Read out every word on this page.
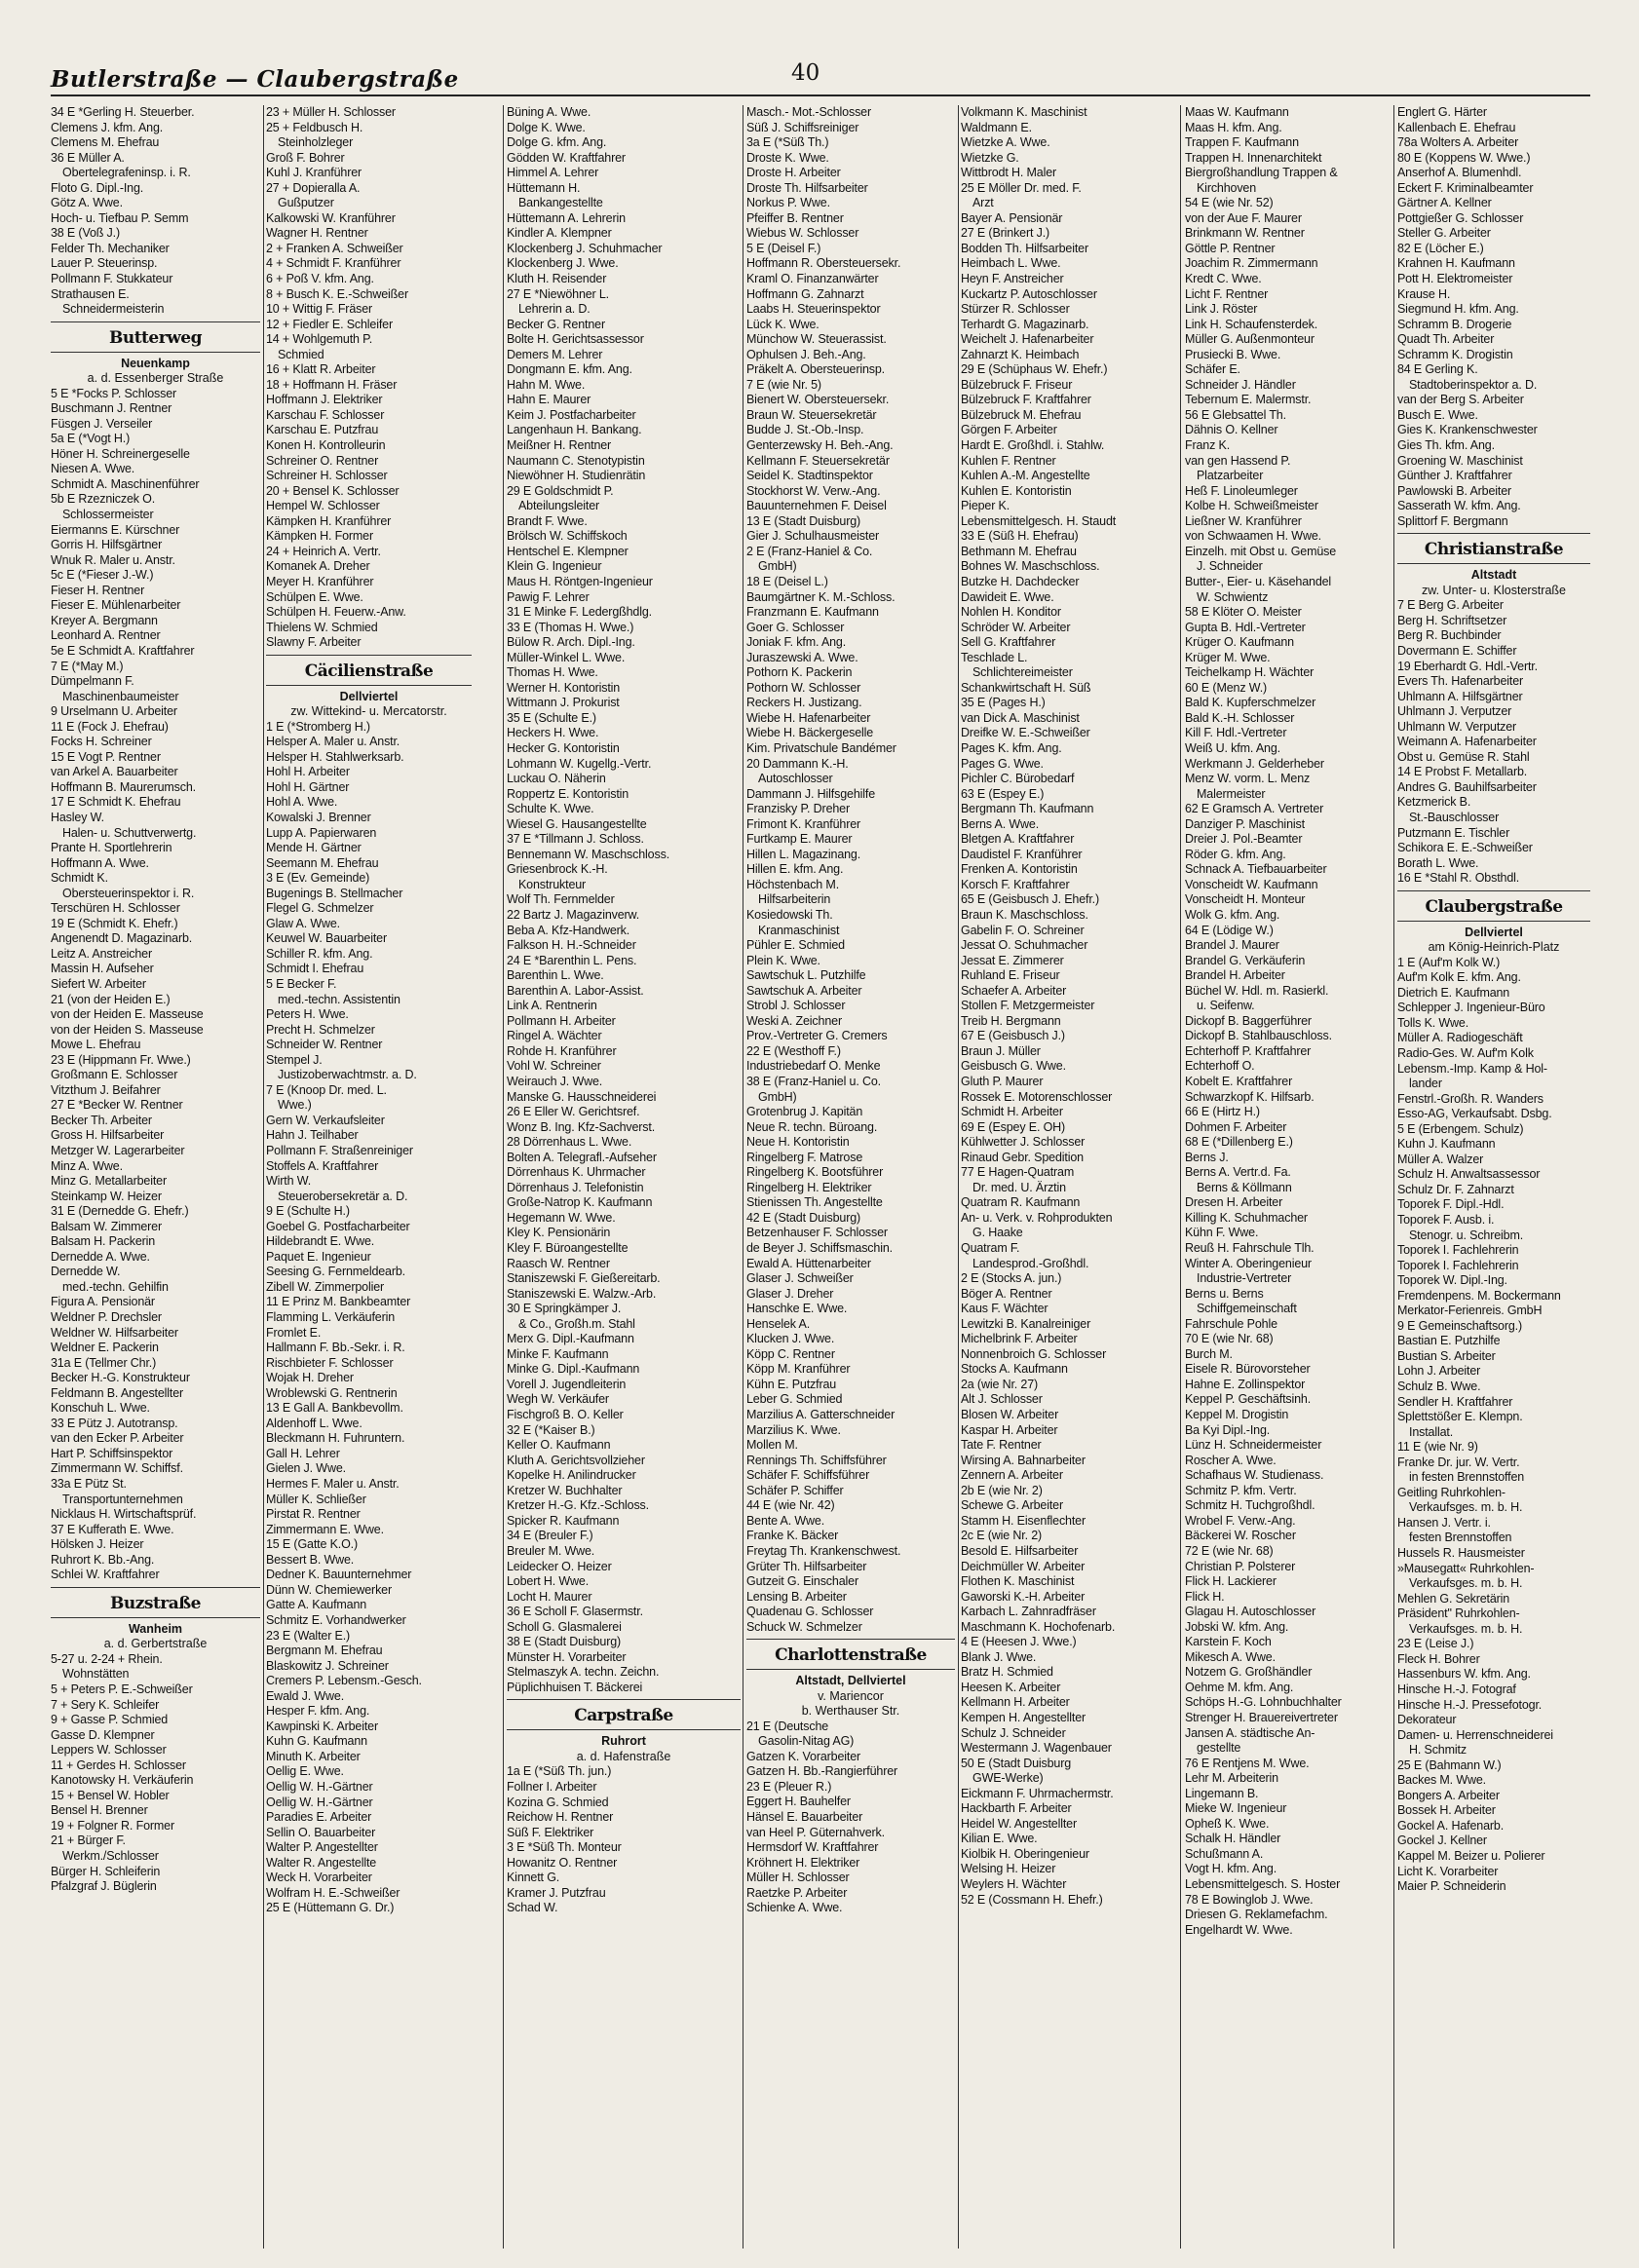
Butlerstraße — Claubergstraße	40
34 E *Gerling H. Steuerber.
Clemens J. kfm. Ang.
Clemens M. Ehefrau
36 E Müller A.
Obertelegrafeninsp. i. R.
Floto G. Dipl.-Ing.
Götz A. Wwe.
Hoch- u. Tiefbau P. Semm
38 E (Voß J.)
Felder Th. Mechaniker
Lauer P. Steuerinsp.
Pollmann F. Stukkateur
Strathausen E.
Schneidermeisterin
Butterweg
Neuenkamp
a. d. Essenberger Straße
5 E *Focks P. Schlosser
Buschmann J. Rentner
Füsgen J. Verseiler
5a E (*Vogt H.)
Höner H. Schreinergeselle
Niesen A. Wwe.
Schmidt A. Maschinenführer
5b E Rzezniczek O.
Schlossermeister
Eiermanns E. Kürschner
Gorris H. Hilfsgärtner
Wnuk R. Maler u. Anstr.
5c E (*Fieser J.-W.)
Fieser H. Rentner
Fieser E. Mühlenarbeiter
Kreyer A. Bergmann
Leonhard A. Rentner
5e E Schmidt A. Kraftfahrer
7 E (*May M.)
Dümpelmann F.
Maschinenbaumeister
9 Urselmann U. Arbeiter
11 E (Fock J. Ehefrau)
Focks H. Schreiner
15 E Vogt P. Rentner
van Arkel A. Bauarbeiter
Hoffmann B. Maurerumsch.
17 E Schmidt K. Ehefrau
Hasley W.
Halen- u. Schuttverwertg.
Prante H. Sportlehrerin
Hoffmann A. Wwe.
Schmidt K.
Obersteuerinspektor i. R.
Terschüren H. Schlosser
19 E (Schmidt K. Ehefr.)
Angenendt D. Magazinarb.
Leitz A. Anstreicher
Massin H. Aufseher
Siefert W. Arbeiter
21 (von der Heiden E.)
von der Heiden E. Masseuse
von der Heiden S. Masseuse
Mowe L. Ehefrau
23 E (Hippmann Fr. Wwe.)
Großmann E. Schlosser
Vitzthum J. Beifahrer
27 E *Becker W. Rentner
Becker Th. Arbeiter
Gross H. Hilfsarbeiter
Metzger W. Lagerarbeiter
Minz A. Wwe.
Minz G. Metallarbeiter
Steinkamp W. Heizer
31 E (Dernedde G. Ehefr.)
Balsam W. Zimmerer
Balsam H. Packerin
Dernedde A. Wwe.
Dernedde W.
med.-techn. Gehilfin
Figura A. Pensionär
Weldner P. Drechsler
Weldner W. Hilfsarbeiter
Weldner E. Packerin
31a E (Tellmer Chr.)
Becker H.-G. Konstrukteur
Feldmann B. Angestellter
Konschuh L. Wwe.
33 E Pütz J. Autotransp.
van den Ecker P. Arbeiter
Hart P. Schiffsinspektor
Zimmermann W. Schiffsf.
33a E Pütz St.
Transportunternehmen
Nicklaus H. Wirtschaftsprüf.
37 E Kufferath E. Wwe.
Hölsken J. Heizer
Ruhrort K. Bb.-Ang.
Schlei W. Kraftfahrer
Buzstraße
Wanheim
a. d. Gerbertstraße
5-27 u. 2-24 + Rhein.
Wohnstätten
5 + Peters P. E.-Schweißer
7 + Sery K. Schleifer
9 + Gasse P. Schmied
Gasse D. Klempner
Leppers W. Schlosser
11 + Gerdes H. Schlosser
Kanotowsky H. Verkäuferin
15 + Bensel W. Hobler
Bensel H. Brenner
19 + Folgner R. Former
21 + Bürger F.
Werkm./Schlosser
Bürger H. Schleiferin
Pfalzgraf J. Büglerin
23 + Müller H. Schlosser
25 + Feldbusch H.
Steinholzleger
Groß F. Bohrer
Kuhl J. Kranführer
27 + Dopieralla A.
Gußputzer
Kalkowski W. Kranführer
Wagner H. Rentner
2 + Franken A. Schweißer
4 + Schmidt F. Kranführer
6 + Poß V. kfm. Ang.
8 + Busch K. E.-Schweißer
10 + Wittig F. Fräser
12 + Fiedler E. Schleifer
14 + Wohlgemuth P.
Schmied
16 + Klatt R. Arbeiter
18 + Hoffmann H. Fräser
Hoffmann J. Elektriker
Karschau F. Schlosser
Karschau E. Putzfrau
Konen H. Kontrolleurin
Schreiner O. Rentner
Schreiner H. Schlosser
20 + Bensel K. Schlosser
Hempel W. Schlosser
Kämpken H. Kranführer
Kämpken H. Former
24 + Heinrich A. Vertr.
Komanek A. Dreher
Meyer H. Kranführer
Schülpen E. Wwe.
Schülpen H. Feuerw.-Anw.
Thielens W. Schmied
Slawny F. Arbeiter
Cäcilienstraße
Dellviertel
zw. Wittekind- u. Mercatorstr.
1 E (*Stromberg H.)
Helsper A. Maler u. Anstr.
Helsper H. Stahlwerksarb.
Hohl H. Arbeiter
Hohl H. Gärtner
Hohl A. Wwe.
Kowalski J. Brenner
Lupp A. Papierwaren
Mende H. Gärtner
Seemann M. Ehefrau
3 E (Ev. Gemeinde)
Bugenings B. Stellmacher
Flegel G. Schmelzer
Glaw A. Wwe.
Keuwel W. Bauarbeiter
Schiller R. kfm. Ang.
Schmidt I. Ehefrau
5 E Becker F.
med.-techn. Assistentin
Peters H. Wwe.
Precht H. Schmelzer
Schneider W. Rentner
Stempel J.
Justizoberwachtmstr. a. D.
7 E (Knoop Dr. med. L.
Wwe.)
Gern W. Verkaufsleiter
Hahn J. Teilhaber
Pollmann F. Straßenreiniger
Stoffels A. Kraftfahrer
Wirth W.
Steuerobersekretär a. D.
9 E (Schulte H.)
Goebel G. Postfacharbeiter
Hildebrandt E. Wwe.
Paquet E. Ingenieur
Seesing G. Fernmeldearb.
Zibell W. Zimmerpolier
11 E Prinz M. Bankbeamter
Flamming L. Verkäuferin
Fromlet E.
Hallmann F. Bb.-Sekr. i. R.
Rischbieter F. Schlosser
Wojak H. Dreher
Wroblewski G. Rentnerin
13 E Gall A. Bankbevollm.
Aldenhoff L. Wwe.
Bleckmann H. Fuhruntern.
Gall H. Lehrer
Gielen J. Wwe.
Hermes F. Maler u. Anstr.
Müller K. Schließer
Pirstat R. Rentner
Zimmermann E. Wwe.
15 E (Gatte K.O.)
Bessert B. Wwe.
Dedner K. Bauunternehmer
Dünn W. Chemiewerker
Gatte A. Kaufmann
Schmitz E. Vorhandwerker
23 E (Walter E.)
Bergmann M. Ehefrau
Blaskowitz J. Schreiner
Cremers P. Lebensm.-Gesch.
Ewald J. Wwe.
Hesper F. kfm. Ang.
Kawpinski K. Arbeiter
Kuhn G. Kaufmann
Minuth K. Arbeiter
Oellig E. Wwe.
Oellig W. H.-Gärtner
Oellig W. H.-Gärtner
Paradies E. Arbeiter
Sellin O. Bauarbeiter
Walter P. Angestellter
Walter R. Angestellte
Weck H. Vorarbeiter
Wolfram H. E.-Schweißer
25 E (Hüttemann G. Dr.)
Büning A. Wwe.
Dolge K. Wwe.
Dolge G. kfm. Ang.
Gödden W. Kraftfahrer
Himmel A. Lehrer
Hüttemann H.
Bankangestellte
Hüttemann A. Lehrerin
Kindler A. Klempner
Klockenberg J. Schuhmacher
Klockenberg J. Wwe.
Kluth H. Reisender
27 E *Niewöhner L.
Lehrerin a. D.
Becker G. Rentner
Bolte H. Gerichtsassessor
Demers M. Lehrer
Dongmann E. kfm. Ang.
Hahn M. Wwe.
Hahn E. Maurer
Keim J. Postfacharbeiter
Langenhaun H. Bankang.
Meißner H. Rentner
Naumann C. Stenotypistin
Niewöhner H. Studienrätin
29 E Goldschmidt P.
Abteilungsleiter
Brandt F. Wwe.
Brölsch W. Schiffskoch
Hentschel E. Klempner
Klein G. Ingenieur
Maus H. Röntgen-Ingenieur
Pawig F. Lehrer
31 E Minke F. Ledergßhdlg.
33 E (Thomas H. Wwe.)
Bülow R. Arch. Dipl.-Ing.
Müller-Winkel L. Wwe.
Thomas H. Wwe.
Werner H. Kontoristin
Wittmann J. Prokurist
35 E (Schulte E.)
Heckers H. Wwe.
Hecker G. Kontoristin
Lohmann W. Kugellg.-Vertr.
Luckau O. Näherin
Roppertz E. Kontoristin
Schulte K. Wwe.
Wiesel G. Hausangestellte
37 E *Tillmann J. Schloss.
Bennemann W. Maschschloss.
Griesenbrock K.-H.
Konstrukteur
Wolf Th. Fernmelder
22 Bartz J. Magazinverw.
Beba A. Kfz-Handwerk.
Falkson H. H.-Schneider
24 E *Barenthin L. Pens.
Barenthin L. Wwe.
Barenthin A. Labor-Assist.
Link A. Rentnerin
Pollmann H. Arbeiter
Ringel A. Wächter
Rohde H. Kranführer
Vohl W. Schreiner
Weirauch J. Wwe.
Manske G. Hausschneiderei
26 E Eller W. Gerichtsref.
Wonz B. Ing. Kfz-Sachverst.
28 Dörrenhaus L. Wwe.
Bolten A. Telegrafl.-Aufseher
Dörrenhaus K. Uhrmacher
Dörrenhaus J. Telefonistin
Große-Natrop K. Kaufmann
Hegemann W. Wwe.
Kley K. Pensionärin
Kley F. Büroangestellte
Raasch W. Rentner
Staniszewski F. Gießereitarb.
Staniszewski E. Walzw.-Arb.
30 E Springkämper J.
& Co., Großh.m. Stahl
Merx G. Dipl.-Kaufmann
Minke F. Kaufmann
Minke G. Dipl.-Kaufmann
Vorell J. Jugendleiterin
Wegh W. Verkäufer
Fischgroß B. O. Keller
32 E (*Kaiser B.)
Keller O. Kaufmann
Kluth A. Gerichtsvollzieher
Kopelke H. Anilindrucker
Kretzer W. Buchhalter
Kretzer H.-G. Kfz.-Schloss.
Spicker R. Kaufmann
34 E (Breuler F.)
Breuler M. Wwe.
Leidecker O. Heizer
Lobert H. Wwe.
Locht H. Maurer
36 E Scholl F. Glasermstr.
Scholl G. Glasmalerei
38 E (Stadt Duisburg)
Münster H. Vorarbeiter
Stelmaszyk A. techn. Zeichn.
Püplichhuisen T. Bäckerei
Carpstraße
Ruhrort
a. d. Hafenstraße
1a E (*Süß Th. jun.)
Follner I. Arbeiter
Kozina G. Schmied
Reichow H. Rentner
Süß F. Elektriker
3 E *Süß Th. Monteur
Howanitz O. Rentner
Kinnett G.
Kramer J. Putzfrau
Schad W.
Masch.- Mot.-Schlosser
Süß J. Schiffsreiniger
3a E (*Süß Th.)
Droste K. Wwe.
Droste H. Arbeiter
Droste Th. Hilfsarbeiter
Norkus P. Wwe.
Pfeiffer B. Rentner
Wiebus W. Schlosser
5 E (Deisel F.)
Hoffmann R. Obersteuersekr.
Kraml O. Finanzanwärter
Hoffmann G. Zahnarzt
Laabs H. Steuerinspektor
Lück K. Wwe.
Münchow W. Steuerassist.
Ophulsen J. Beh.-Ang.
Präkelt A. Obersteuerinsp.
7 E (wie Nr. 5)
Bienert W. Obersteuersekr.
Braun W. Steuersekretär
Budde J. St.-Ob.-Insp.
Genterzewsky H. Beh.-Ang.
Kellmann F. Steuersekretär
Seidel K. Stadtinspektor
Stockhorst W. Verw.-Ang.
Bauunternehmen F. Deisel
13 E (Stadt Duisburg)
Gier J. Schulhausmeister
2 E (Franz-Haniel & Co.
GmbH)
18 E (Deisel L.)
Baumgärtner K. M.-Schloss.
Franzmann E. Kaufmann
Goer G. Schlosser
Joniak F. kfm. Ang.
Juraszewski A. Wwe.
Pothorn K. Packerin
Pothorn W. Schlosser
Reckers H. Justizang.
Wiebe H. Hafenarbeiter
Wiebe H. Bäckergeselle
Kim. Privatschule Bandémer
20 Dammann K.-H.
Autoschlosser
Dammann J. Hilfsgehilfe
Franzisky P. Dreher
Frimont K. Kranführer
Furtkamp E. Maurer
Hillen L. Magazinang.
Hillen E. kfm. Ang.
Höchstenbach M.
Hilfsarbeiterin
Kosiedowski Th.
Kranmaschinist
Pühler E. Schmied
Plein K. Wwe.
Sawtschuk L. Putzhilfe
Sawtschuk A. Arbeiter
Strobl J. Schlosser
Weski A. Zeichner
Prov.-Vertreter G. Cremers
22 E (Westhoff F.)
Industriebedarf O. Menke
38 E (Franz-Haniel u. Co.
GmbH)
Grotenbrug J. Kapitän
Neue R. techn. Büroang.
Neue H. Kontoristin
Ringelberg F. Matrose
Ringelberg K. Bootsführer
Ringelberg H. Elektriker
Stienissen Th. Angestellte
42 E (Stadt Duisburg)
Betzenhauser F. Schlosser
de Beyer J. Schiffsmaschin.
Ewald A. Hüttenarbeiter
Glaser J. Schweißer
Glaser J. Dreher
Hanschke E. Wwe.
Henselek A.
Klucken J. Wwe.
Köpp C. Rentner
Köpp M. Kranführer
Kühn E. Putzfrau
Leber G. Schmied
Marzilius A. Gatterschneider
Marzilius K. Wwe.
Mollen M.
Rennings Th. Schiffsführer
Schäfer F. Schiffsführer
Schäfer P. Schiffer
44 E (wie Nr. 42)
Bente A. Wwe.
Franke K. Bäcker
Freytag Th. Krankenschwest.
Grüter Th. Hilfsarbeiter
Gutzeit G. Einschaler
Lensing B. Arbeiter
Quadenau G. Schlosser
Schuck W. Schmelzer
Charlottenstraße
Altstadt, Dellviertel
v. Mariencor
b. Werthauser Str.
21 E (Deutsche
Gasolin-Nitag AG)
Gatzen K. Vorarbeiter
Gatzen H. Bb.-Rangierführer
23 E (Pleuer R.)
Eggert H. Bauhelfer
Hänsel E. Bauarbeiter
van Heel P. Güternahverk.
Hermsdorf W. Kraftfahrer
Kröhnert H. Elektriker
Müller H. Schlosser
Raetzke P. Arbeiter
Schienke A. Wwe.
Volkmann K. Maschinist
Waldmann E.
Wietzke A. Wwe.
Wietzke G.
Wittbrodt H. Maler
25 E Möller Dr. med. F.
Arzt
Bayer A. Pensionär
27 E (Brinkert J.)
Bodden Th. Hilfsarbeiter
Heimbach L. Wwe.
Heyn F. Anstreicher
Kuckartz P. Autoschlosser
Stürzer R. Schlosser
Terhardt G. Magazinarb.
Weichelt J. Hafenarbeiter
Zahnarzt K. Heimbach
29 E (Schüphaus W. Ehefr.)
Bülzebruck F. Friseur
Bülzebruck F. Kraftfahrer
Bülzebruck M. Ehefrau
Görgen F. Arbeiter
Hardt E. Großhdl. i. Stahlw.
Kuhlen F. Rentner
Kuhlen A.-M. Angestellte
Kuhlen E. Kontoristin
Pieper K.
Lebensmittelgesch. H. Staudt
33 E (Süß H. Ehefrau)
Bethmann M. Ehefrau
Bohnes W. Maschschloss.
Butzke H. Dachdecker
Dawideit E. Wwe.
Nohlen H. Konditor
Schröder W. Arbeiter
Sell G. Kraftfahrer
Teschlade L.
Schlichtereimeister
Schankwirtschaft H. Süß
35 E (Pages H.)
van Dick A. Maschinist
Dreifke W. E.-Schweißer
Pages K. kfm. Ang.
Pages G. Wwe.
Pichler C. Bürobedarf
63 E (Espey E.)
Bergmann Th. Kaufmann
Berns A. Wwe.
Bletgen A. Kraftfahrer
Daudistel F. Kranführer
Frenken A. Kontoristin
Korsch F. Kraftfahrer
65 E (Geisbusch J. Ehefr.)
Braun K. Maschschloss.
Gabelin F. O. Schreiner
Jessat O. Schuhmacher
Jessat E. Zimmerer
Ruhland E. Friseur
Schaefer A. Arbeiter
Stollen F. Metzgermeister
Treib H. Bergmann
67 E (Geisbusch J.)
Braun J. Müller
Geisbusch G. Wwe.
Gluth P. Maurer
Rossek E. Motorenschlosser
Schmidt H. Arbeiter
69 E (Espey E. OH)
Kühlwetter J. Schlosser
Rinaud Gebr. Spedition
77 E Hagen-Quatram
Dr. med. U. Ärztin
Quatram R. Kaufmann
An- u. Verk. v. Rohprodukten
G. Haake
Quatram F.
Landesprod.-Großhdl.
2 E (Stocks A. jun.)
Böger A. Rentner
Kaus F. Wächter
Lewitzki B. Kanalreiniger
Michelbrink F. Arbeiter
Nonnenbroich G. Schlosser
Stocks A. Kaufmann
2a (wie Nr. 27)
Alt J. Schlosser
Blosen W. Arbeiter
Kaspar H. Arbeiter
Tate F. Rentner
Wirsing A. Bahnarbeiter
Zennern A. Arbeiter
2b E (wie Nr. 2)
Schewe G. Arbeiter
Stamm H. Eisenflechter
2c E (wie Nr. 2)
Besold E. Hilfsarbeiter
Deichmüller W. Arbeiter
Flothen K. Maschinist
Gaworski K.-H. Arbeiter
Karbach L. Zahnradfräser
Maschmann K. Hochofenarb.
4 E (Heesen J. Wwe.)
Blank J. Wwe.
Bratz H. Schmied
Heesen K. Arbeiter
Kellmann H. Arbeiter
Kempen H. Angestellter
Schulz J. Schneider
Westermann J. Wagenbauer
50 E (Stadt Duisburg
GWE-Werke)
Eickmann F. Uhrmachermstr.
Hackbarth F. Arbeiter
Heidel W. Angestellter
Kilian E. Wwe.
Kiolbik H. Oberingenieur
Welsing H. Heizer
Weylers H. Wächter
52 E (Cossmann H. Ehefr.)
Maas W. Kaufmann
Maas H. kfm. Ang.
Trappen F. Kaufmann
Trappen H. Innenarchitekt
Biergroßhandlung Trappen &
Kirchhoven
54 E (wie Nr. 52)
von der Aue F. Maurer
Brinkmann W. Rentner
Göttle P. Rentner
Joachim R. Zimmermann
Kredt C. Wwe.
Licht F. Rentner
Link J. Röster
Link H. Schaufensterdek.
Müller G. Außenmonteur
Prusiecki B. Wwe.
Schäfer E.
Schneider J. Händler
Tebernum E. Malermstr.
56 E Glebsattel Th.
Dähnis O. Kellner
Franz K.
van gen Hassend P.
Platzarbeiter
Heß F. Linoleumleger
Kolbe H. Schweißmeister
Ließner W. Kranführer
von Schwaamen H. Wwe.
Einzelh. mit Obst u. Gemüse
J. Schneider
Butter-, Eier- u. Käsehandel
W. Schwientz
58 E Klöter O. Meister
Gupta B. Hdl.-Vertreter
Krüger O. Kaufmann
Krüger M. Wwe.
Teichelkamp H. Wächter
60 E (Menz W.)
Bald K. Kupferschmelzer
Bald K.-H. Schlosser
Kill F. Hdl.-Vertreter
Weiß U. kfm. Ang.
Werkmann J. Gelderheber
Menz W. vorm. L. Menz
Malermeister
62 E Gramsch A. Vertreter
Danziger P. Maschinist
Dreier J. Pol.-Beamter
Röder G. kfm. Ang.
Schnack A. Tiefbauarbeiter
Vonscheidt W. Kaufmann
Vonscheidt H. Monteur
Wolk G. kfm. Ang.
64 E (Lödige W.)
Brandel J. Maurer
Brandel G. Verkäuferin
Brandel H. Arbeiter
Büchel W. Hdl. m. Rasierkl.
u. Seifenw.
Dickopf B. Baggerführer
Dickopf B. Stahlbauschloss.
Echterhoff P. Kraftfahrer
Echterhoff O.
Kobelt E. Kraftfahrer
Schwarzkopf K. Hilfsarb.
66 E (Hirtz H.)
Dohmen F. Arbeiter
68 E (*Dillenberg E.)
Berns J.
Berns A. Vertr.d. Fa.
Berns & Köllmann
Dresen H. Arbeiter
Killing K. Schuhmacher
Kühn F. Wwe.
Reuß H. Fahrschule Tlh.
Winter A. Oberingenieur
Industrie-Vertreter
Berns u. Berns
Schiffgemeinschaft
Fahrschule Pohle
70 E (wie Nr. 68)
Burch M.
Eisele R. Bürovorsteher
Hahne E. Zollinspektor
Keppel P. Geschäftsinh.
Keppel M. Drogistin
Ba Kyi Dipl.-Ing.
Lünz H. Schneidermeister
Roscher A. Wwe.
Schafhaus W. Studienass.
Schmitz P. kfm. Vertr.
Schmitz H. Tuchgroßhdl.
Wrobel F. Verw.-Ang.
Bäckerei W. Roscher
72 E (wie Nr. 68)
Christian P. Polsterer
Flick H. Lackierer
Flick H.
Glagau H. Autoschlosser
Jobski W. kfm. Ang.
Karstein F. Koch
Mikesch A. Wwe.
Notzem G. Großhändler
Oehme M. kfm. Ang.
Schöps H.-G. Lohnbuchhalter
Strenger H. Brauereivertreter
Jansen A. städtische An-
gestellte
76 E Rentjens M. Wwe.
Lehr M. Arbeiterin
Lingemann B.
Mieke W. Ingenieur
Opheß K. Wwe.
Schalk H. Händler
Schußmann A.
Vogt H. kfm. Ang.
Lebensmittelgesch. S. Hoster
78 E Bowinglob J. Wwe.
Driesen G. Reklamefachm.
Engelhardt W. Wwe.
Englert G. Härter
Kallenbach E. Ehefrau
78a Wolters A. Arbeiter
80 E (Koppens W. Wwe.)
Anserhof A. Blumenhdl.
Eckert F. Kriminalbeamter
Gärtner A. Kellner
Pottgießer G. Schlosser
Steller G. Arbeiter
82 E (Löcher E.)
Krahnen H. Kaufmann
Pott H. Elektromeister
Krause H.
Siegmund H. kfm. Ang.
Schramm B. Drogerie
Quadt Th. Arbeiter
Schramm K. Drogistin
84 E Gerling K.
Stadtoberinspektor a. D.
van der Berg S. Arbeiter
Busch E. Wwe.
Gies K. Krankenschwester
Gies Th. kfm. Ang.
Groening W. Maschinist
Günther J. Kraftfahrer
Pawlowski B. Arbeiter
Sasserath W. kfm. Ang.
Splittorf F. Bergmann
Christianstraße
Altstadt
zw. Unter- u. Klosterstraße
7 E Berg G. Arbeiter
Berg H. Schriftsetzer
Berg R. Buchbinder
Dovermann E. Schiffer
19 Eberhardt G. Hdl.-Vertr.
Evers Th. Hafenarbeiter
Uhlmann A. Hilfsgärtner
Uhlmann J. Verputzer
Uhlmann W. Verputzer
Weimann A. Hafenarbeiter
Obst u. Gemüse R. Stahl
14 E Probst F. Metallarb.
Andres G. Bauhilfsarbeiter
Ketzmerick B.
St.-Bauschlosser
Putzmann E. Tischler
Schikora E. E.-Schweißer
Borath L. Wwe.
16 E *Stahl R. Obsthdl.
Claubergstraße
Dellviertel
am König-Heinrich-Platz
1 E (Auf'm Kolk W.)
Auf'm Kolk E. kfm. Ang.
Dietrich E. Kaufmann
Schlepper J. Ingenieur-Büro
Tolls K. Wwe.
Müller A. Radiogeschäft
Radio-Ges. W. Auf'm Kolk
Lebensm.-Imp. Kamp & Hol-
lander
Fenstrl.-Großh. R. Wanders
Esso-AG, Verkaufsabt. Dsbg.
5 E (Erbengem. Schulz)
Kuhn J. Kaufmann
Müller A. Walzer
Schulz H. Anwaltsassessor
Schulz Dr. F. Zahnarzt
Toporek F. Dipl.-Hdl.
Toporek F. Ausb. i.
Stenogr. u. Schreibm.
Toporek I. Fachlehrerin
Toporek I. Fachlehrerin
Toporek W. Dipl.-Ing.
Fremdenpens. M. Bockermann
Merkator-Ferienreis. GmbH
9 E Gemeinschaftsorg.)
Bastian E. Putzhilfe
Bustian S. Arbeiter
Lohn J. Arbeiter
Schulz B. Wwe.
Sendler H. Kraftfahrer
Splettstößer E. Klempn.
Installat.
11 E (wie Nr. 9)
Franke Dr. jur. W. Vertr.
in festen Brennstoffen
Geitling Ruhrkohlen-
Verkaufsges. m. b. H.
Hansen J. Vertr. i.
festen Brennstoffen
Hussels R. Hausmeister
»Mausegatt« Ruhrkohlen-
Verkaufsges. m. b. H.
Mehlen G. Sekretärin
Präsident" Ruhrkohlen-
Verkaufsges. m. b. H.
23 E (Leise J.)
Fleck H. Bohrer
Hassenburs W. kfm. Ang.
Hinsche H.-J. Fotograf
Hinsche H.-J. Pressefotogr.
Dekorateur
Damen- u. Herrenschneiderei
H. Schmitz
25 E (Bahmann W.)
Backes M. Wwe.
Bongers A. Arbeiter
Bossek H. Arbeiter
Gockel A. Hafenarb.
Gockel J. Kellner
Kappel M. Beizer u. Polierer
Licht K. Vorarbeiter
Maier P. Schneiderin
